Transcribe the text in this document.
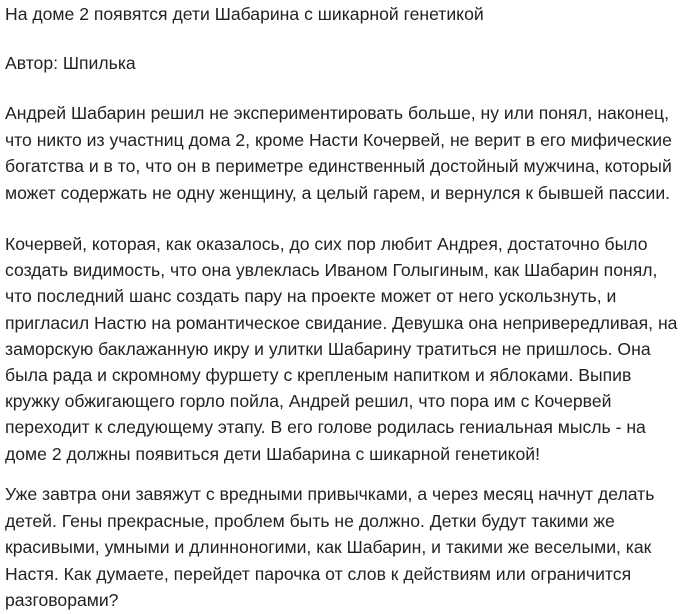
На доме 2 появятся дети Шабарина с шикарной генетикой
Автор: Шпилька
Андрей Шабарин решил не экспериментировать больше, ну или понял, наконец,
что никто из участниц дома 2, кроме Насти Кочервей, не верит в его мифические
богатства и в то, что он в периметре единственный достойный мужчина, который
может содержать не одну женщину, а целый гарем, и вернулся к бывшей пассии.
Кочервей, которая, как оказалось, до сих пор любит Андрея, достаточно было
создать видимость, что она увлеклась Иваном Голыгиным, как Шабарин понял,
что последний шанс создать пару на проекте может от него ускользнуть, и
пригласил Настю на романтическое свидание. Девушка она непривередливая, на
заморскую баклажанную икру и улитки Шабарину тратиться не пришлось. Она
была рада и скромному фуршету с крепленым напитком и яблоками. Выпив
кружку обжигающего горло пойла, Андрей решил, что пора им с Кочервей
переходит к следующему этапу. В его голове родилась гениальная мысль - на
доме 2 должны появиться дети Шабарина с шикарной генетикой!
Уже завтра они завяжут с вредными привычками, а через месяц начнут делать
детей. Гены прекрасные, проблем быть не должно. Детки будут такими же
красивыми, умными и длинноногими, как Шабарин, и такими же веселыми, как
Настя. Как думаете, перейдет парочка от слов к действиям или ограничится
разговорами?
